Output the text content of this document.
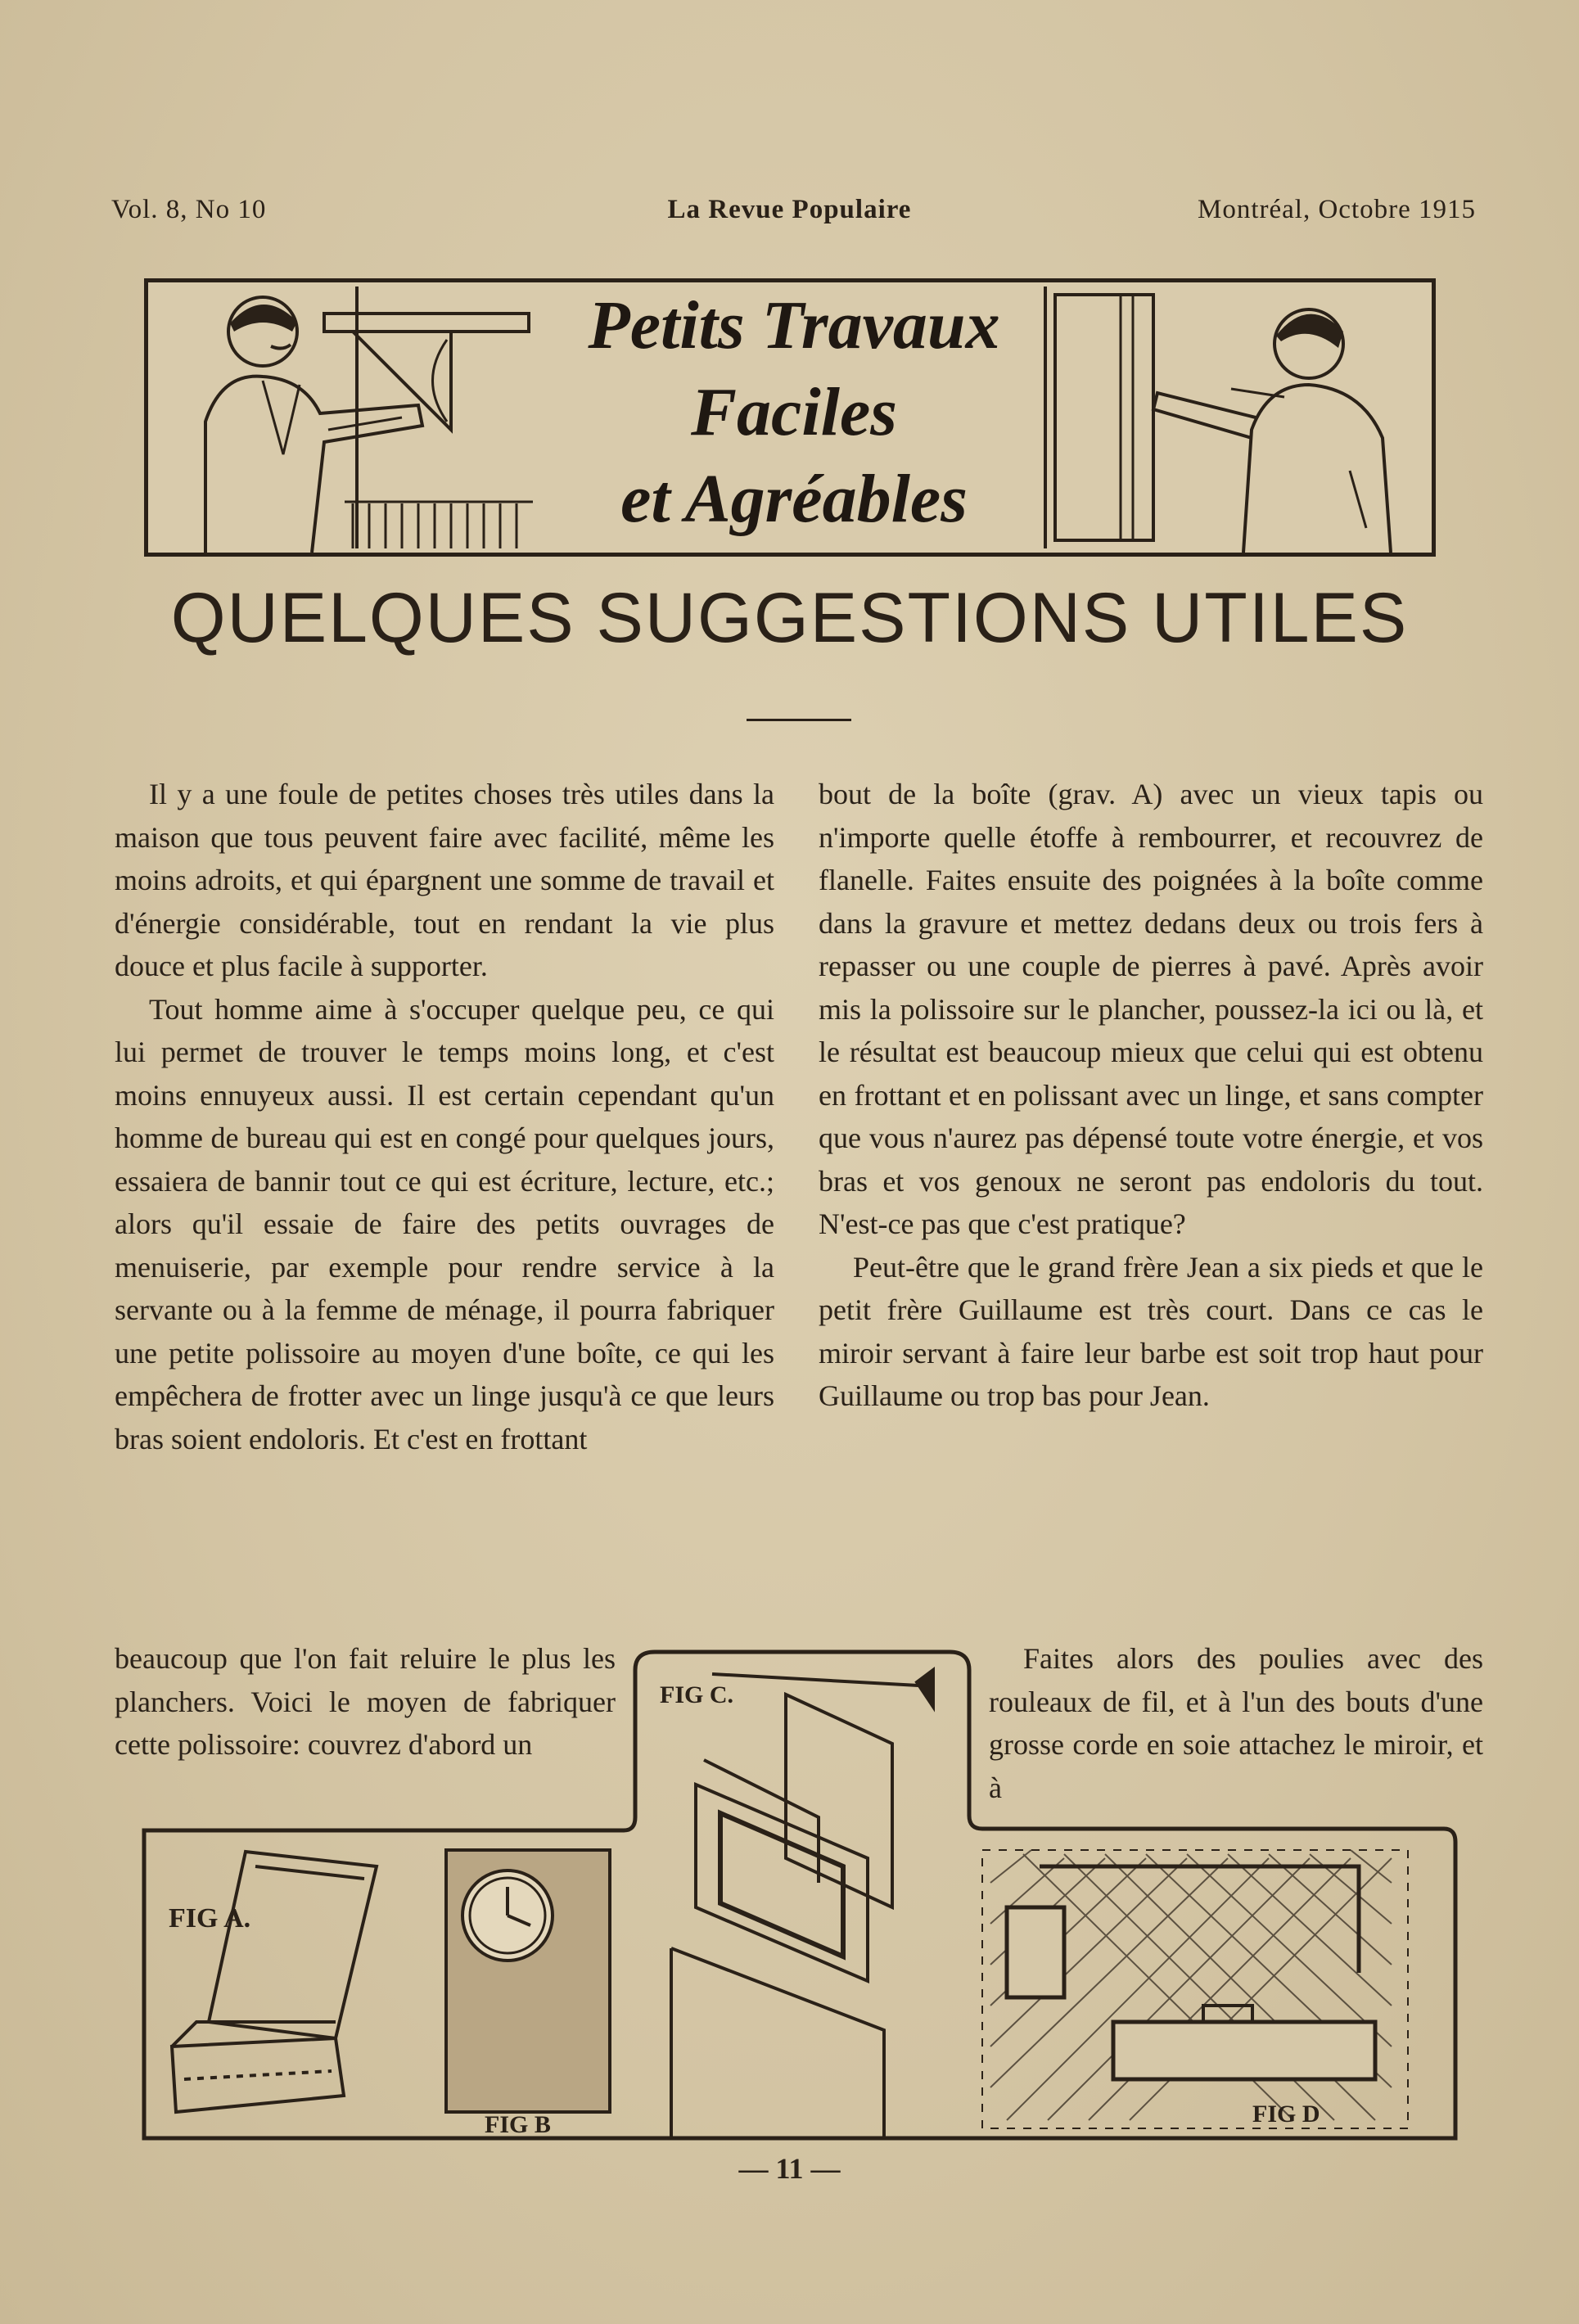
Vol. 8, No 10	La Revue Populaire	Montréal, Octobre 1915
Petits Travaux
Faciles
et Agréables
QUELQUES SUGGESTIONS UTILES

Il y a une foule de petites choses très utiles dans la maison que tous peuvent faire avec facilité, même les moins adroits, et qui épargnent une somme de travail et d'énergie considérable, tout en rendant la vie plus douce et plus facile à supporter.

Tout homme aime à s'occuper quelque peu, ce qui lui permet de trouver le temps moins long, et c'est moins ennuyeux aussi. Il est certain cependant qu'un homme de bureau qui est en congé pour quelques jours, essaiera de bannir tout ce qui est écriture, lecture, etc.; alors qu'il essaie de faire des petits ouvrages de menuiserie, par exemple pour rendre service à la servante ou à la femme de ménage, il pourra fabriquer une petite polissoire au moyen d'une boîte, ce qui les empêchera de frotter avec un linge jusqu'à ce que leurs bras soient endoloris. Et c'est en frottant

bout de la boîte (grav. A) avec un vieux tapis ou n'importe quelle étoffe à rembourrer, et recouvrez de flanelle. Faites ensuite des poignées à la boîte comme dans la gravure et mettez dedans deux ou trois fers à repasser ou une couple de pierres à pavé. Après avoir mis la polissoire sur le plancher, poussez-la ici ou là, et le résultat est beaucoup mieux que celui qui est obtenu en frottant et en polissant avec un linge, et sans compter que vous n'aurez pas dépensé toute votre énergie, et vos bras et vos genoux ne seront pas endoloris du tout. N'est-ce pas que c'est pratique?

Peut-être que le grand frère Jean a six pieds et que le petit frère Guillaume est très court. Dans ce cas le miroir servant à faire leur barbe est soit trop haut pour Guillaume ou trop bas pour Jean.

beaucoup que l'on fait reluire le plus les planchers. Voici le moyen de fabriquer cette polissoire: couvrez d'abord un

Faites alors des poulies avec des rouleaux de fil, et à l'un des bouts d'une grosse corde en soie attachez le miroir, et à

FIG A.
FIG B
FIG C.
FIG D
— 11 —
